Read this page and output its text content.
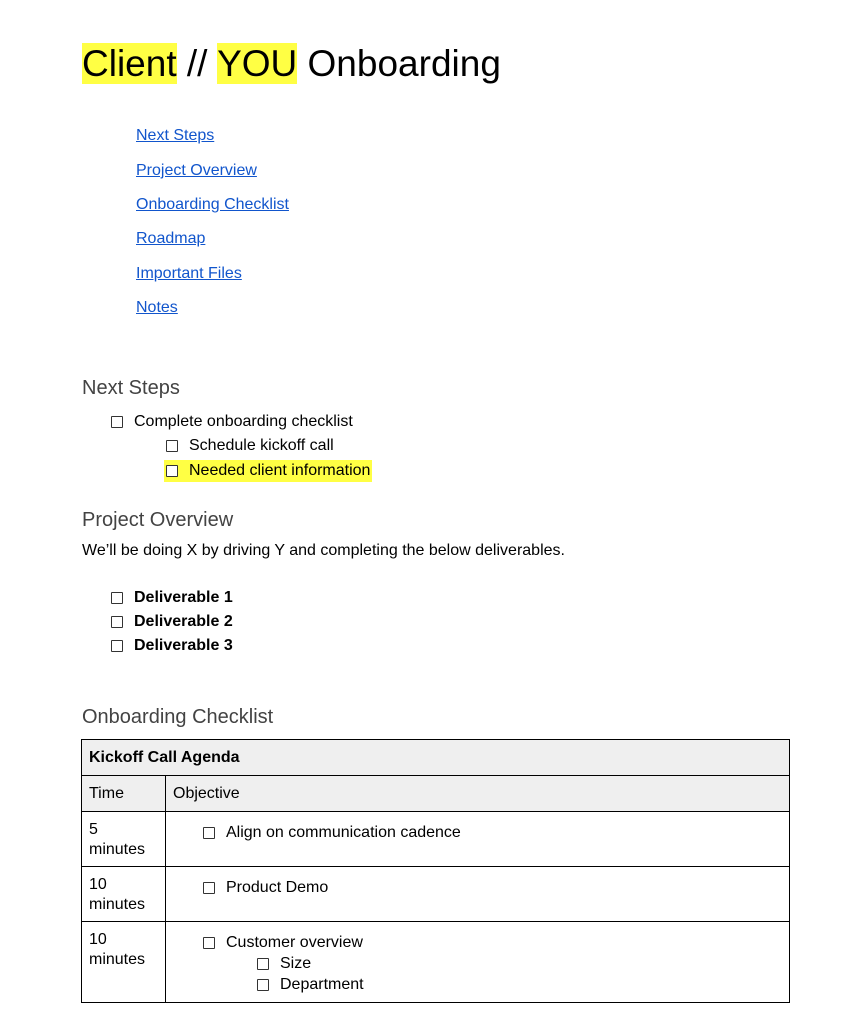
Client // YOU Onboarding
Next Steps
Project Overview
Onboarding Checklist
Roadmap
Important Files
Notes
Next Steps
Complete onboarding checklist
Schedule kickoff call
Needed client information
Project Overview
We’ll be doing X by driving Y and completing the below deliverables.
Deliverable 1
Deliverable 2
Deliverable 3
Onboarding Checklist
Kickoff Call Agenda	
Time	Objective
5 minutes	Align on communication cadence

10 minutes	Product Demo

10 minutes	Customer overview
Size
Department
